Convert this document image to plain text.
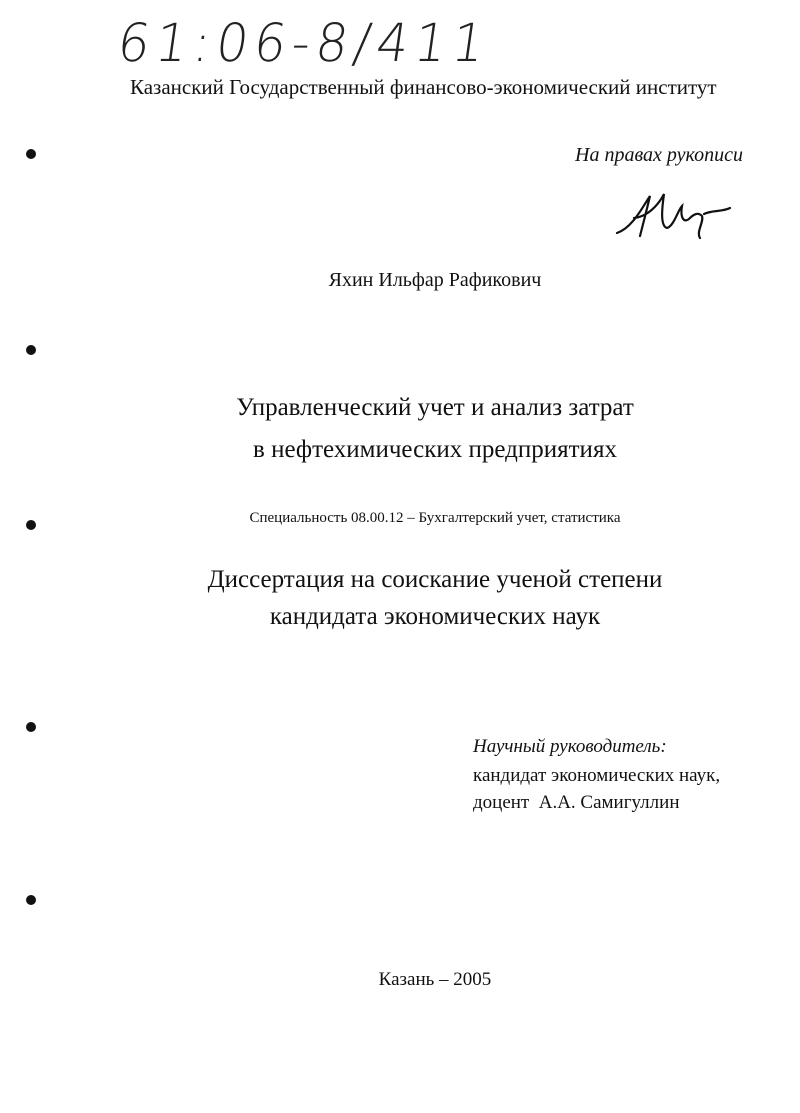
61:06-8/411
Казанский Государственный финансово-экономический институт
На правах рукописи
Яхин Ильфар Рафикович
Управленческий учет и анализ затрат
в нефтехимических предприятиях
Специальность 08.00.12 – Бухгалтерский учет, статистика
Диссертация на соискание ученой степени
кандидата экономических наук
Научный руководитель:
кандидат экономических наук,
доцент  А.А. Самигуллин
Казань – 2005
